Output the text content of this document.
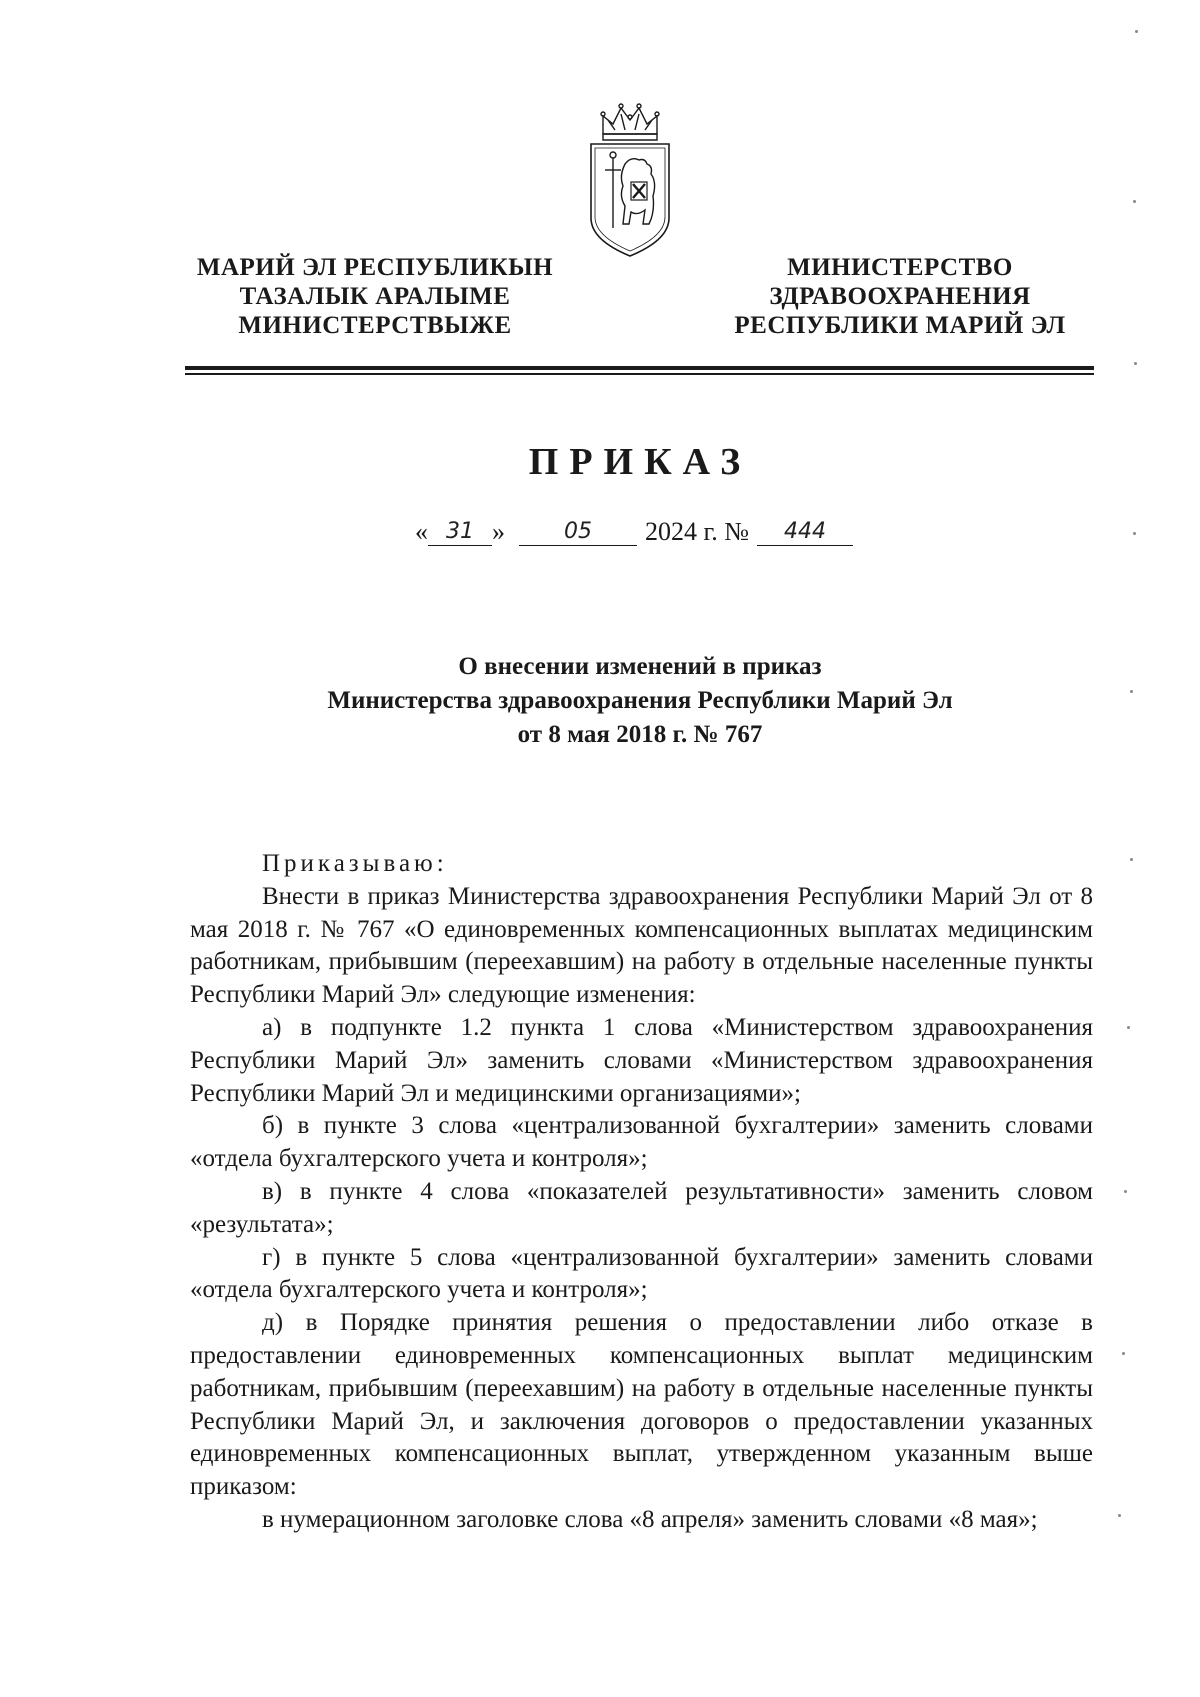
МАРИЙ ЭЛ РЕСПУБЛИКЫН
ТАЗАЛЫК АРАЛЫМЕ
МИНИСТЕРСТВЫЖЕ
МИНИСТЕРСТВО
ЗДРАВООХРАНЕНИЯ
РЕСПУБЛИКИ МАРИЙ ЭЛ
ПРИКАЗ
« 31 »	05	2024 г. №	444
О внесении изменений в приказ
Министерства здравоохранения Республики Марий Эл
от 8 мая 2018 г. № 767

Приказываю:

Внести в приказ Министерства здравоохранения Республики Марий Эл от 8 мая 2018 г. № 767 «О единовременных компенсационных выплатах медицинским работникам, прибывшим (переехавшим) на работу в отдельные населенные пункты Республики Марий Эл» следующие изменения:

а) в подпункте 1.2 пункта 1 слова «Министерством здравоохранения Республики Марий Эл» заменить словами «Министерством здравоохранения Республики Марий Эл и медицинскими организациями»;

б) в пункте 3 слова «централизованной бухгалтерии» заменить словами «отдела бухгалтерского учета и контроля»;

в) в пункте 4 слова «показателей результативности» заменить словом «результата»;

г) в пункте 5 слова «централизованной бухгалтерии» заменить словами «отдела бухгалтерского учета и контроля»;

д) в Порядке принятия решения о предоставлении либо отказе в предоставлении единовременных компенсационных выплат медицинским работникам, прибывшим (переехавшим) на работу в отдельные населенные пункты Республики Марий Эл, и заключения договоров о предоставлении указанных единовременных компенсационных выплат, утвержденном указанным выше приказом:

в нумерационном заголовке слова «8 апреля» заменить словами «8 мая»;
